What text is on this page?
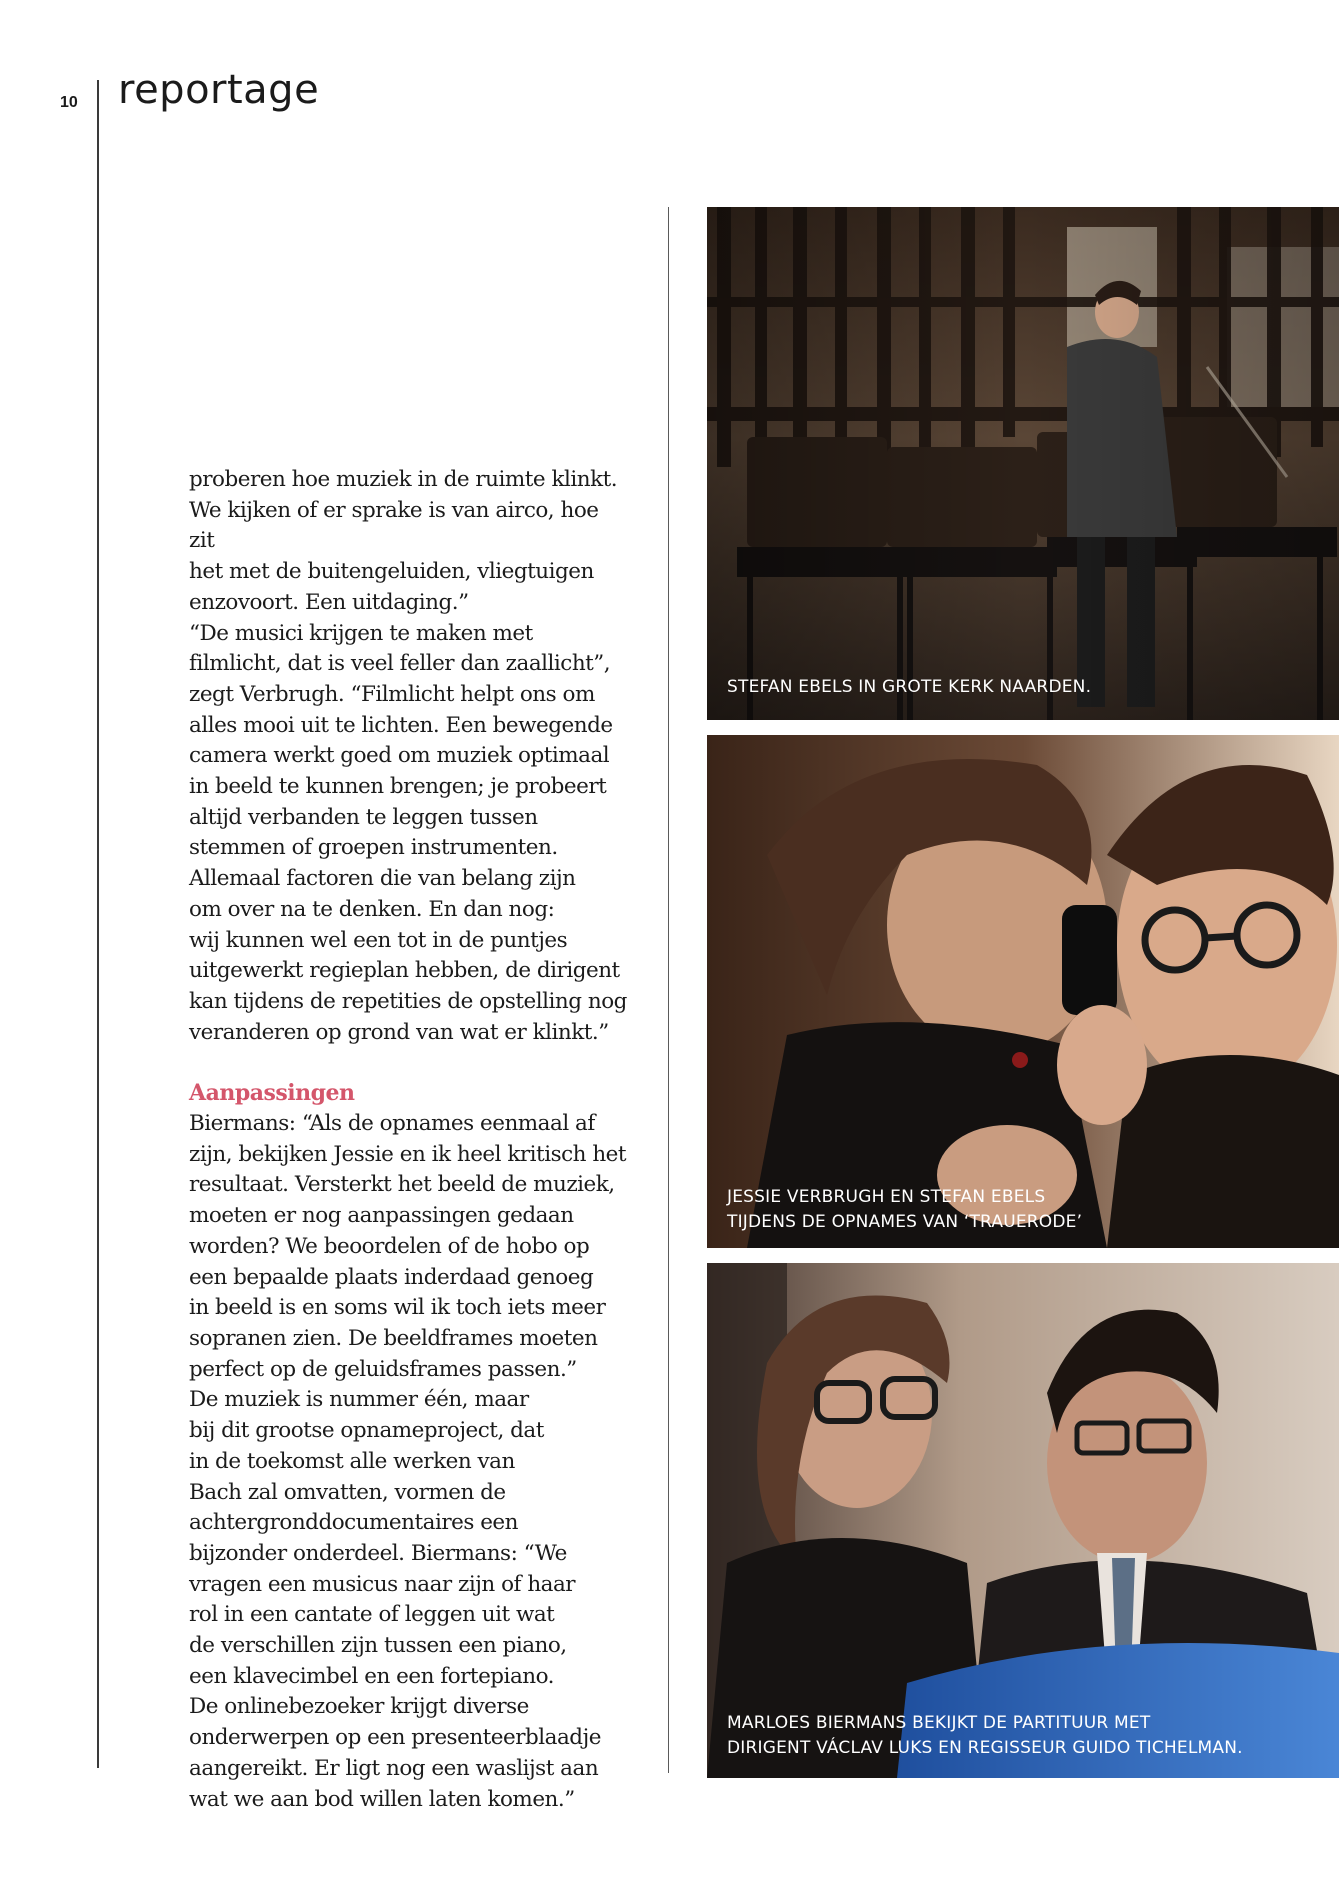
10 reportage

proberen hoe muziek in de ruimte klinkt.

We kijken of er sprake is van airco, hoe zit

het met de buitengeluiden, vliegtuigen

enzovoort. Een uitdaging.”

“De musici krijgen te maken met

filmlicht, dat is veel feller dan zaallicht”,

zegt Verbrugh. “Filmlicht helpt ons om

alles mooi uit te lichten. Een bewegende

camera werkt goed om muziek optimaal

in beeld te kunnen brengen; je probeert

altijd verbanden te leggen tussen

stemmen of groepen instrumenten.

Allemaal factoren die van belang zijn

om over na te denken. En dan nog:

wij kunnen wel een tot in de puntjes

uitgewerkt regieplan hebben, de dirigent

kan tijdens de repetities de opstelling nog

veranderen op grond van wat er klinkt.”

Aanpassingen

Biermans: “Als de opnames eenmaal af

zijn, bekijken Jessie en ik heel kritisch het

resultaat. Versterkt het beeld de muziek,

moeten er nog aanpassingen gedaan

worden? We beoordelen of de hobo op

een bepaalde plaats inderdaad genoeg

in beeld is en soms wil ik toch iets meer

sopranen zien. De beeldframes moeten

perfect op de geluidsframes passen.”

De muziek is nummer één, maar

bij dit grootse opnameproject, dat

in de toekomst alle werken van

Bach zal omvatten, vormen de

achtergronddocumentaires een

bijzonder onderdeel. Biermans: “We

vragen een musicus naar zijn of haar

rol in een cantate of leggen uit wat

de verschillen zijn tussen een piano,

een klavecimbel en een fortepiano.

De onlinebezoeker krijgt diverse

onderwerpen op een presenteerblaadje

aangereikt. Er ligt nog een waslijst aan

wat we aan bod willen laten komen.”

STEFAN EBELS IN GROTE KERK NAARDEN.
JESSIE VERBRUGH EN STEFAN EBELS
TIJDENS DE OPNAMES VAN ‘TRAUERODE’
MARLOES BIERMANS BEKIJKT DE PARTITUUR MET
DIRIGENT VÁCLAV LUKS EN REGISSEUR GUIDO TICHELMAN.
